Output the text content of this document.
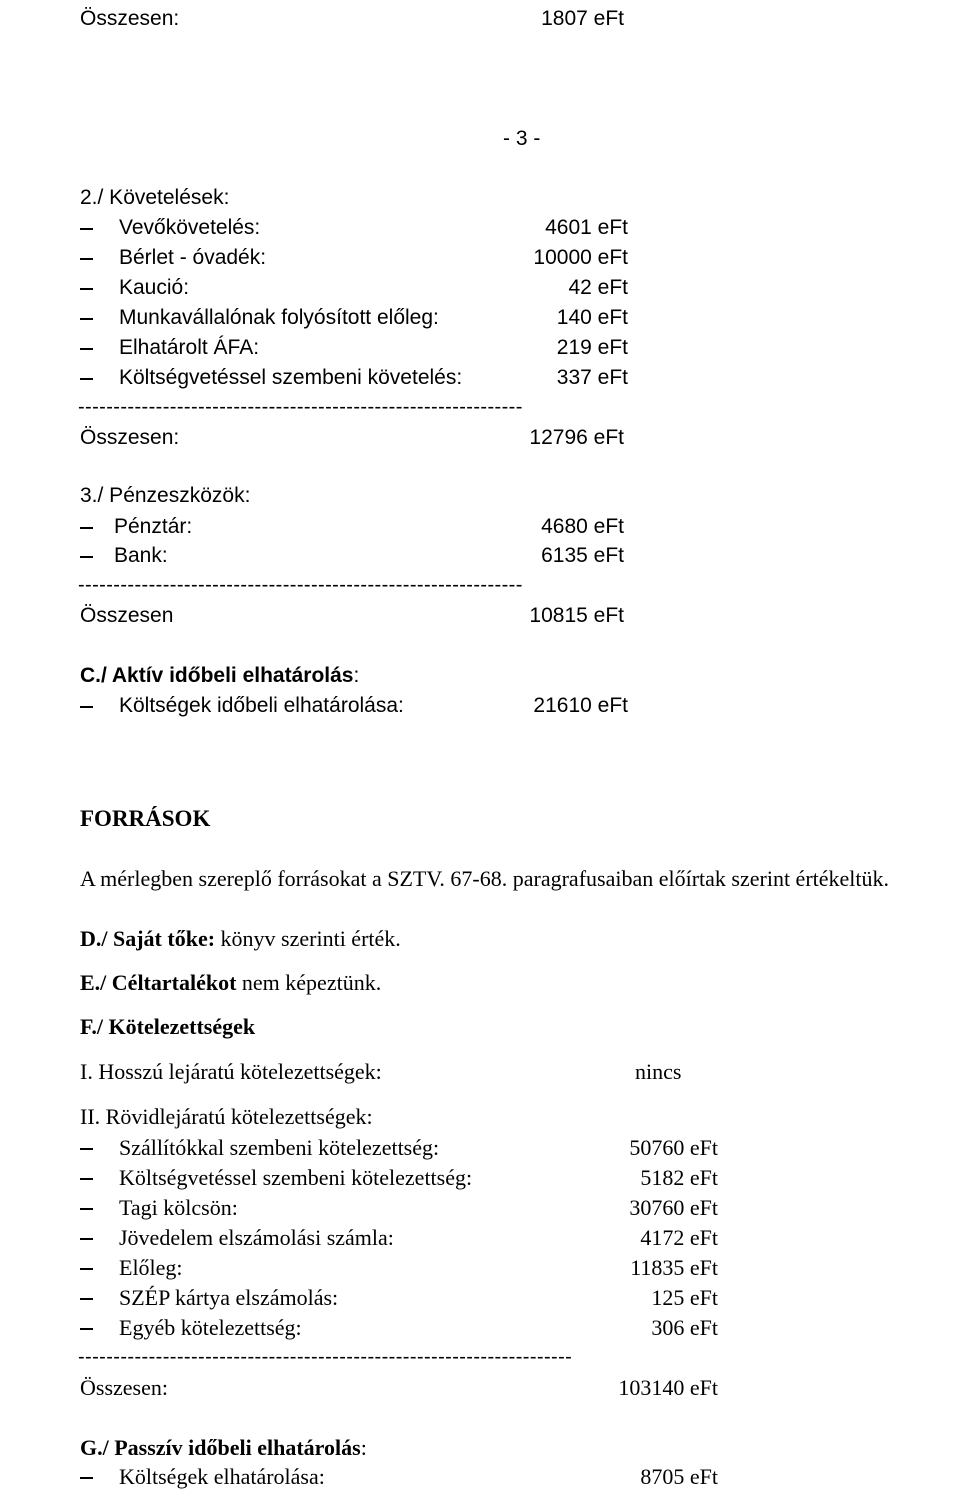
Összesen:	1807 eFt
- 3 -
2./ Követelések:
Vevőkövetelés:	4601 eFt
Bérlet - óvadék:	10000 eFt
Kaució:	42 eFt
Munkavállalónak folyósított előleg:	140 eFt
Elhatárolt ÁFA:	219 eFt
Költségvetéssel szembeni követelés:	337 eFt
---------------------------------------------------------------
Összesen:	12796 eFt
3./ Pénzeszközök:
Pénztár:	4680 eFt
Bank:	6135 eFt
---------------------------------------------------------------
Összesen	10815 eFt
C./ Aktív időbeli elhatárolás:
Költségek időbeli elhatárolása:	21610 eFt
FORRÁSOK
A mérlegben szereplő forrásokat a SZTV. 67-68. paragrafusaiban előírtak szerint értékeltük.
D./ Saját tőke: könyv szerinti érték.
E./ Céltartalékot nem képeztünk.
F./ Kötelezettségek
I. Hosszú lejáratú kötelezettségek:	nincs
II. Rövidlejáratú kötelezettségek:
Szállítókkal szembeni kötelezettség:	50760 eFt
Költségvetéssel szembeni kötelezettség:	5182 eFt
Tagi kölcsön:	30760 eFt
Jövedelem elszámolási számla:	4172 eFt
Előleg:	11835 eFt
SZÉP kártya elszámolás:	125 eFt
Egyéb kötelezettség:	306 eFt
----------------------------------------------------------------------
Összesen:	103140 eFt
G./ Passzív időbeli elhatárolás:
Költségek elhatárolása:	8705 eFt
